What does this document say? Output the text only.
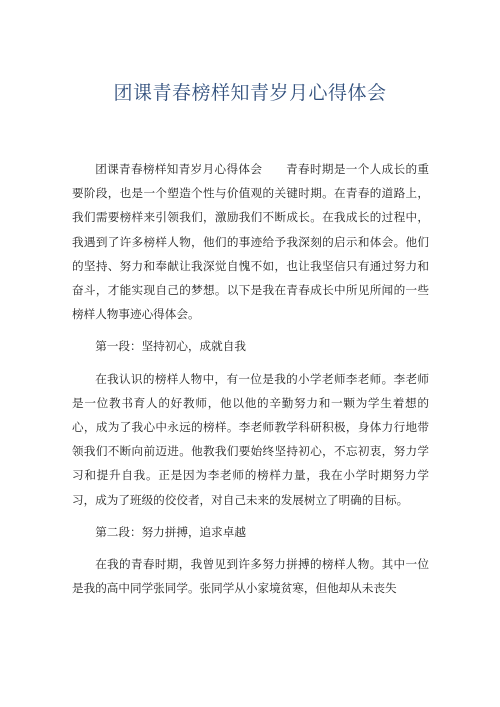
团课青春榜样知青岁月心得体会

团课青春榜样知青岁月心得体会　　青春时期是一个人成长的重要阶段，也是一个塑造个性与价值观的关键时期。在青春的道路上，我们需要榜样来引领我们，激励我们不断成长。在我成长的过程中，我遇到了许多榜样人物，他们的事迹给予我深刻的启示和体会。他们的坚持、努力和奉献让我深觉自愧不如，也让我坚信只有通过努力和奋斗，才能实现自己的梦想。以下是我在青春成长中所见所闻的一些榜样人物事迹心得体会。

第一段：坚持初心，成就自我

在我认识的榜样人物中，有一位是我的小学老师李老师。李老师是一位教书育人的好教师，他以他的辛勤努力和一颗为学生着想的心，成为了我心中永远的榜样。李老师教学科研积极，身体力行地带领我们不断向前迈进。他教我们要始终坚持初心，不忘初衷，努力学习和提升自我。正是因为李老师的榜样力量，我在小学时期努力学习，成为了班级的佼佼者，对自己未来的发展树立了明确的目标。

第二段：努力拼搏，追求卓越

在我的青春时期，我曾见到许多努力拼搏的榜样人物。其中一位是我的高中同学张同学。张同学从小家境贫寒，但他却从未丧失
